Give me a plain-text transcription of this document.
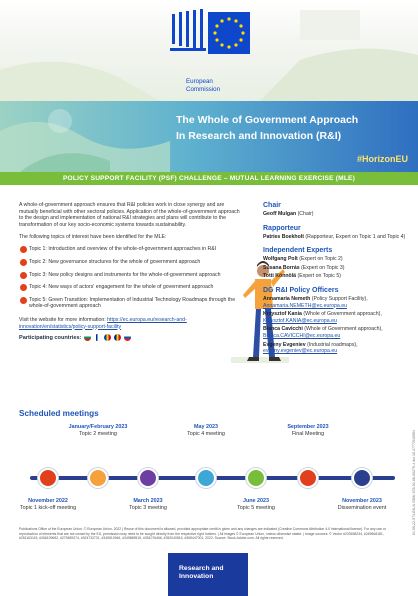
European
Commission
The Whole of Government Approach
In Research and Innovation (R&I)
#HorizonEU
POLICY SUPPORT FACILITY (PSF) CHALLENGE – MUTUAL LEARNING EXERCISE (MLE)

A whole-of-government approach ensures that R&I policies work in close synergy and are mutually beneficial with other sectoral policies. Application of the whole-of-government approach to the design and implementation of national R&I strategies and plans will contribute to the transformation of our key socio-economic systems towards sustainability.

The following topics of interest have been identified for the MLE:

Topic 1: Introduction and overview of the whole-of-government approaches in R&I
Topic 2: New governance structures for the whole of government approach
Topic 3: New policy designs and instruments for the whole-of-government approach
Topic 4: New ways of actors' engagement for the whole of government approach
Topic 5: Green Transition: Implementation of Industrial Technology Roadmaps through the whole-of-government approach

Visit the website for more information: https://ec.europa.eu/research-and-innovation/en/statistics/policy-support-facility

Participating countries:
Chair

Geoff Mulgan (Chair)

Rapporteur

Patries Boekholt (Rapporteur, Expert on Topic 1 and Topic 4)

Independent Experts

Wolfgang Polt (Expert on Topic 2)

Susana Borrás (Expert on Topic 3)

Totti Könnölä (Expert on Topic 5)

DG R&I Policy Officers

Annamaria Nemeth (Policy Support Facility), Annamaria.NEMETH@ec.europa.eu

Krzysztof Kania (Whole of Government approach), Krzysztof.KANIA@ec.europa.eu

Bianca Cavicchi (Whole of Government approach), Bianca.CAVICCHI@ec.europa.eu

Evgeny Evgeniev (Industrial roadmaps), evgeny.evgeniev@ec.europa.eu

Scheduled meetings
January/February 2023
Topic 2 meeting
May 2023
Topic 4 meeting
September 2023
Final Meeting
November 2022
Topic 1 kick-off meeting
March 2023
Topic 3 meeting
June 2023
Topic 5 meeting
November 2023
Dissemination event

Publications Office of the European Union. © European Union, 2022 | Reuse of this document is allowed, provided appropriate credit is given and any changes are indicated (Creative Commons Attribution 4.0 International license). For any use or reproduction of elements that are not owned by the EU, permission may need to be sought directly from the respective right holders. | All images © European Union, unless otherwise stated. | Image sources: © Vector #233558234, #249668181, #251163115, #266109682, #279485374, #324733731, #345510946, #349869515, #351076466, #352040816, #365447001, 2022. Source: Stock.Adobe.com. All rights reserved.

Research and
Innovation
KI-09-22-573-EN-N ISBN 978-92-68-00275-4 doi:10.2777/540954
